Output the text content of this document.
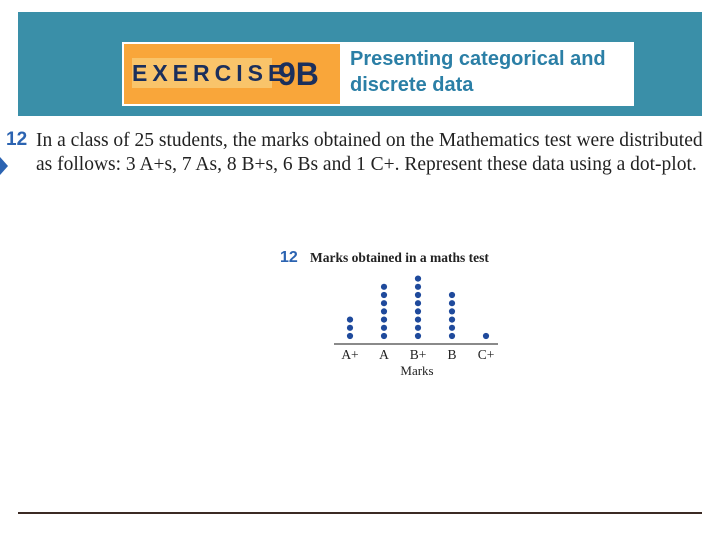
EXERCISE
9B	Presenting categorical and
discrete data
12 In a class of 25 students, the marks obtained on the Mathematics test were distributed
as follows: 3 A+s, 7 As, 8 B+s, 6 Bs and 1 C+. Represent these data using a dot-plot.
12 Marks obtained in a maths test
A+ A B+ B C+
Marks
